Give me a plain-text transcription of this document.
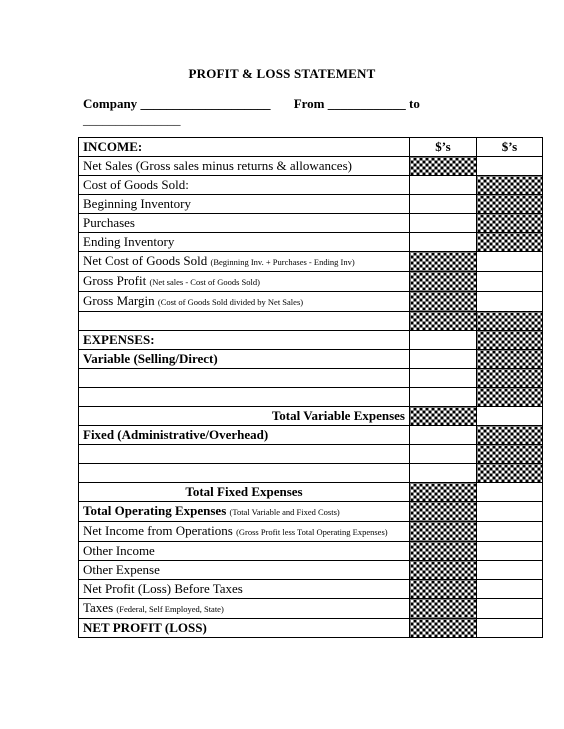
PROFIT & LOSS STATEMENT
Company ____________________ From ____________ to
_______________
INCOME:	$’s	$’s
Net Sales (Gross sales minus returns & allowances)		
Cost of Goods Sold:		
Beginning Inventory		
Purchases		
Ending Inventory		
Net Cost of Goods Sold (Beginning Inv. + Purchases - Ending Inv)		
Gross Profit (Net sales - Cost of Goods Sold)		
Gross Margin (Cost of Goods Sold divided by Net Sales)		

EXPENSES:		
Variable (Selling/Direct)		

Total Variable Expenses		
Fixed (Administrative/Overhead)		

Total Fixed Expenses		
Total Operating Expenses (Total Variable and Fixed Costs)		
Net Income from Operations (Gross Profit less Total Operating Expenses)		
Other Income		
Other Expense		
Net Profit (Loss) Before Taxes		
Taxes (Federal, Self Employed, State)		
NET PROFIT (LOSS)		
